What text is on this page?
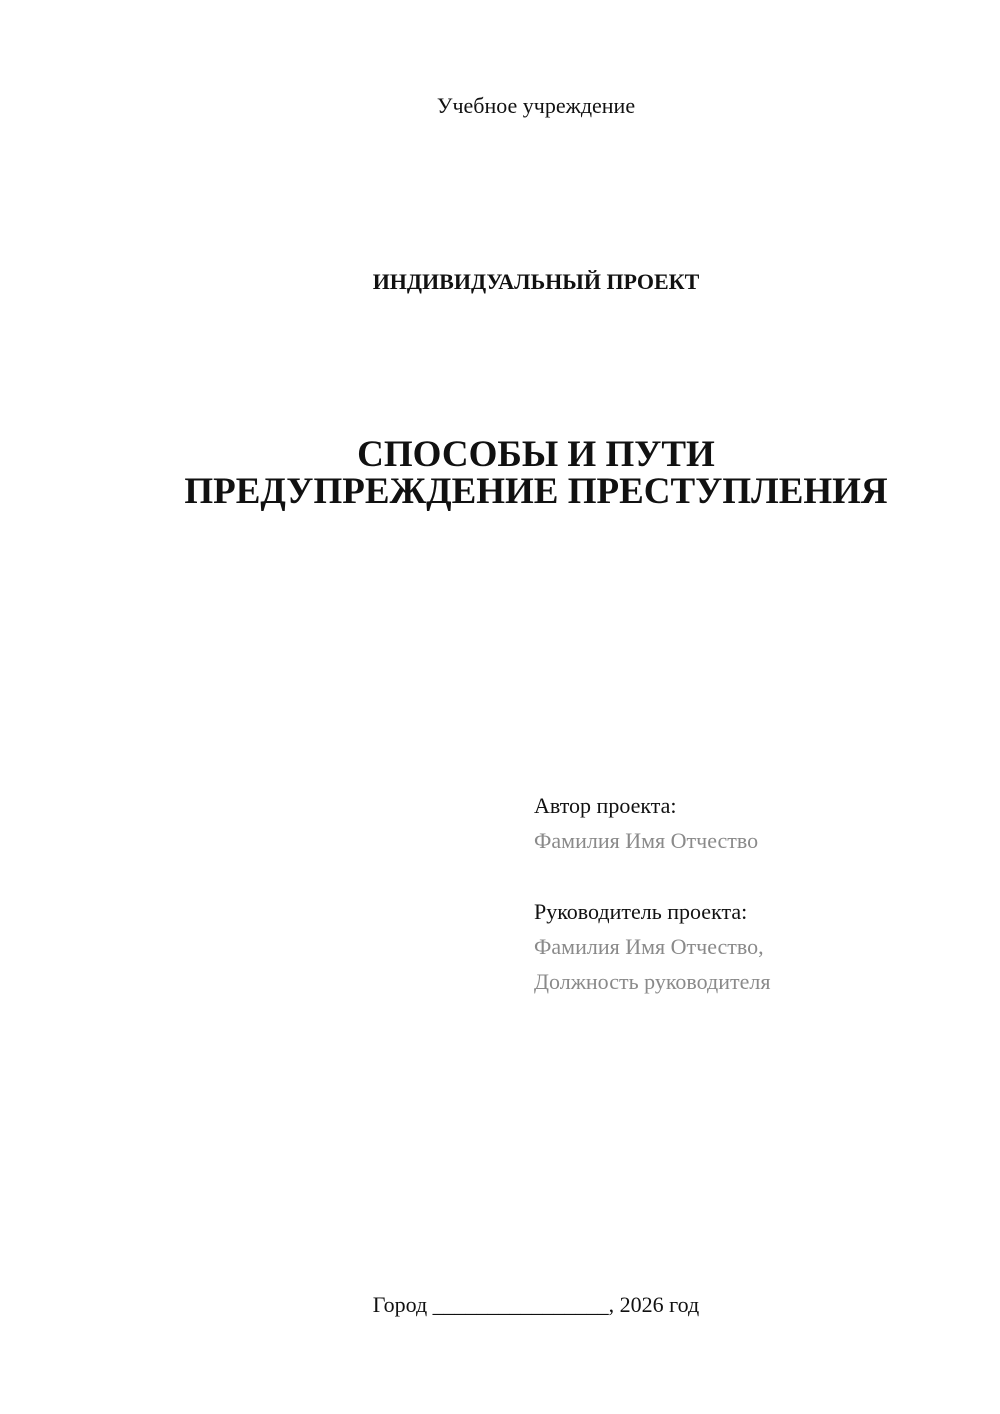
Учебное учреждение
ИНДИВИДУАЛЬНЫЙ ПРОЕКТ
СПОСОБЫ И ПУТИ
ПРЕДУПРЕЖДЕНИЕ ПРЕСТУПЛЕНИЯ
Автор проекта:
Фамилия Имя Отчество
Руководитель проекта:
Фамилия Имя Отчество,
Должность руководителя
Город ________________, 2026 год
